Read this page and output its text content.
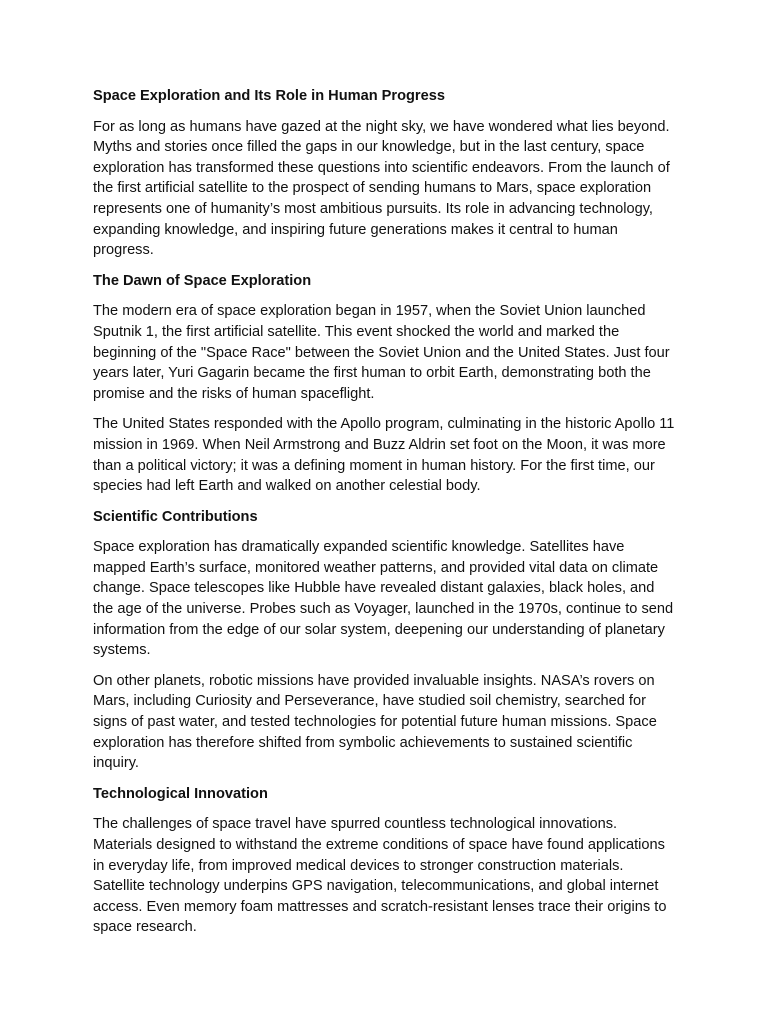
Space Exploration and Its Role in Human Progress

For as long as humans have gazed at the night sky, we have wondered what lies beyond. Myths and stories once filled the gaps in our knowledge, but in the last century, space exploration has transformed these questions into scientific endeavors. From the launch of the first artificial satellite to the prospect of sending humans to Mars, space exploration represents one of humanity’s most ambitious pursuits. Its role in advancing technology, expanding knowledge, and inspiring future generations makes it central to human progress.

The Dawn of Space Exploration

The modern era of space exploration began in 1957, when the Soviet Union launched Sputnik 1, the first artificial satellite. This event shocked the world and marked the beginning of the "Space Race" between the Soviet Union and the United States. Just four years later, Yuri Gagarin became the first human to orbit Earth, demonstrating both the promise and the risks of human spaceflight.

The United States responded with the Apollo program, culminating in the historic Apollo 11 mission in 1969. When Neil Armstrong and Buzz Aldrin set foot on the Moon, it was more than a political victory; it was a defining moment in human history. For the first time, our species had left Earth and walked on another celestial body.

Scientific Contributions

Space exploration has dramatically expanded scientific knowledge. Satellites have mapped Earth’s surface, monitored weather patterns, and provided vital data on climate change. Space telescopes like Hubble have revealed distant galaxies, black holes, and the age of the universe. Probes such as Voyager, launched in the 1970s, continue to send information from the edge of our solar system, deepening our understanding of planetary systems.

On other planets, robotic missions have provided invaluable insights. NASA’s rovers on Mars, including Curiosity and Perseverance, have studied soil chemistry, searched for signs of past water, and tested technologies for potential future human missions. Space exploration has therefore shifted from symbolic achievements to sustained scientific inquiry.

Technological Innovation

The challenges of space travel have spurred countless technological innovations. Materials designed to withstand the extreme conditions of space have found applications in everyday life, from improved medical devices to stronger construction materials. Satellite technology underpins GPS navigation, telecommunications, and global internet access. Even memory foam mattresses and scratch-resistant lenses trace their origins to space research.
